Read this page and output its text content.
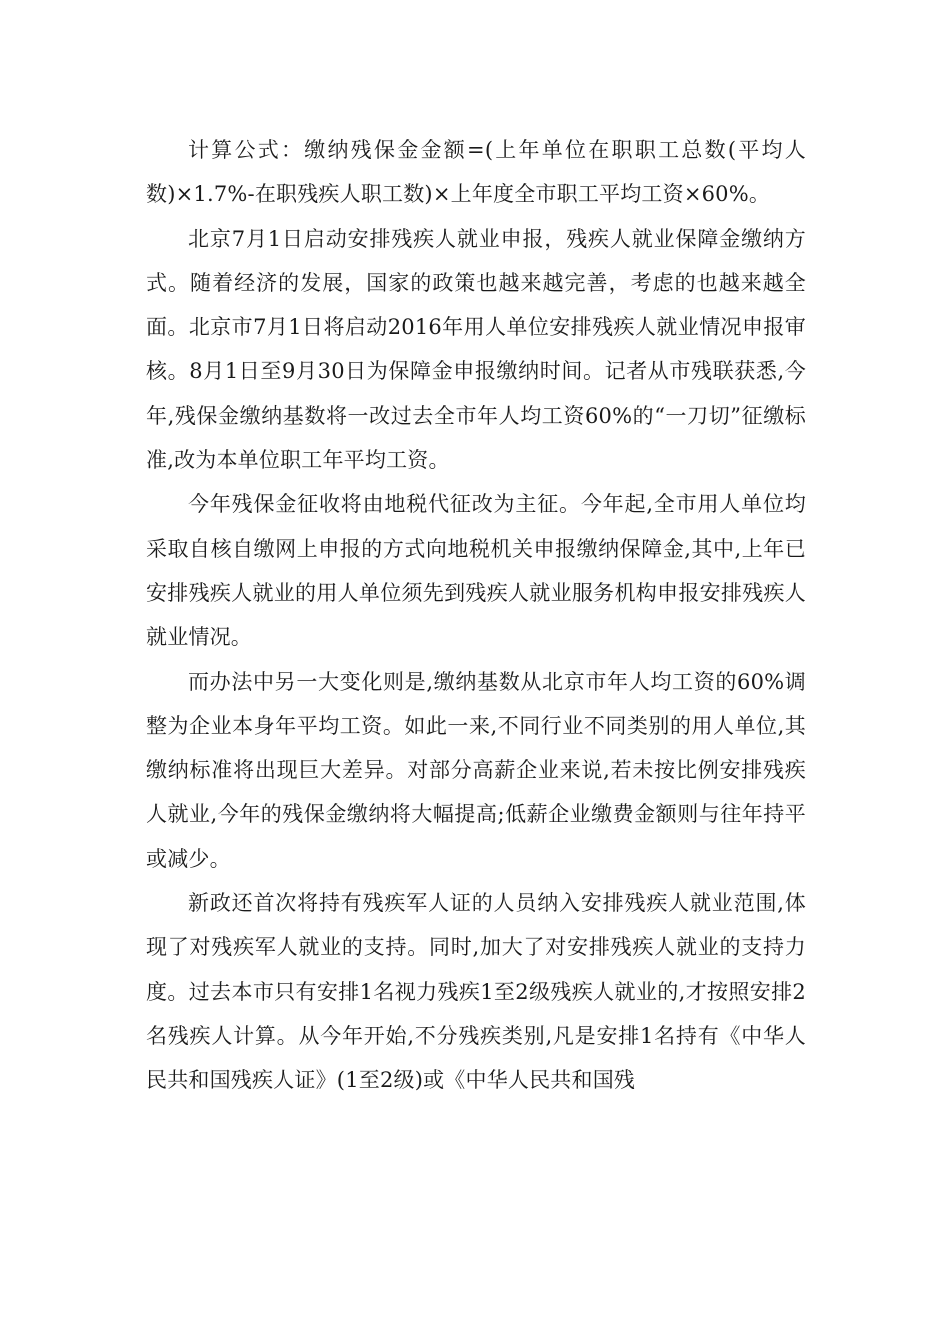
计算公式：缴纳残保金金额=(上年单位在职职工总数(平均人数)×1.7%-在职残疾人职工数)×上年度全市职工平均工资×60%。

北京7月1日启动安排残疾人就业申报，残疾人就业保障金缴纳方式。随着经济的发展，国家的政策也越来越完善，考虑的也越来越全面。北京市7月1日将启动2016年用人单位安排残疾人就业情况申报审核。8月1日至9月30日为保障金申报缴纳时间。记者从市残联获悉,今年,残保金缴纳基数将一改过去全市年人均工资60%的“一刀切”征缴标准,改为本单位职工年平均工资。

今年残保金征收将由地税代征改为主征。今年起,全市用人单位均采取自核自缴网上申报的方式向地税机关申报缴纳保障金,其中,上年已安排残疾人就业的用人单位须先到残疾人就业服务机构申报安排残疾人就业情况。

而办法中另一大变化则是,缴纳基数从北京市年人均工资的60%调整为企业本身年平均工资。如此一来,不同行业不同类别的用人单位,其缴纳标准将出现巨大差异。对部分高薪企业来说,若未按比例安排残疾人就业,今年的残保金缴纳将大幅提高;低薪企业缴费金额则与往年持平或减少。

新政还首次将持有残疾军人证的人员纳入安排残疾人就业范围,体现了对残疾军人就业的支持。同时,加大了对安排残疾人就业的支持力度。过去本市只有安排1名视力残疾1至2级残疾人就业的,才按照安排2名残疾人计算。从今年开始,不分残疾类别,凡是安排1名持有《中华人民共和国残疾人证》(1至2级)或《中华人民共和国残
